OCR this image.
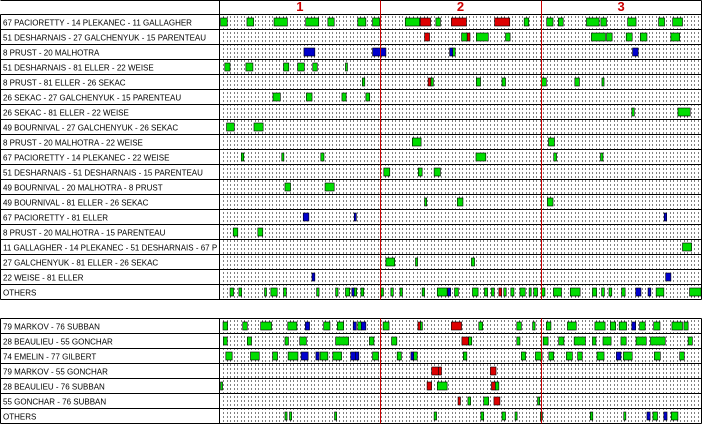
1	2	3
67 PACIORETTY - 14 PLEKANEC - 11 GALLAGHER
51 DESHARNAIS - 27 GALCHENYUK - 15 PARENTEAU
8 PRUST - 20 MALHOTRA
51 DESHARNAIS - 81 ELLER - 22 WEISE
8 PRUST - 81 ELLER - 26 SEKAC
26 SEKAC - 27 GALCHENYUK - 15 PARENTEAU
26 SEKAC - 81 ELLER - 22 WEISE
49 BOURNIVAL - 27 GALCHENYUK - 26 SEKAC
8 PRUST - 20 MALHOTRA - 22 WEISE
67 PACIORETTY - 14 PLEKANEC - 22 WEISE
51 DESHARNAIS - 51 DESHARNAIS - 15 PARENTEAU
49 BOURNIVAL - 20 MALHOTRA - 8 PRUST
49 BOURNIVAL - 81 ELLER - 26 SEKAC
67 PACIORETTY - 81 ELLER
8 PRUST - 20 MALHOTRA - 15 PARENTEAU
11 GALLAGHER - 14 PLEKANEC - 51 DESHARNAIS - 67 P
27 GALCHENYUK - 81 ELLER - 26 SEKAC
22 WEISE - 81 ELLER
OTHERS
79 MARKOV - 76 SUBBAN
28 BEAULIEU - 55 GONCHAR
74 EMELIN - 77 GILBERT
79 MARKOV - 55 GONCHAR
28 BEAULIEU - 76 SUBBAN
55 GONCHAR - 76 SUBBAN
OTHERS
